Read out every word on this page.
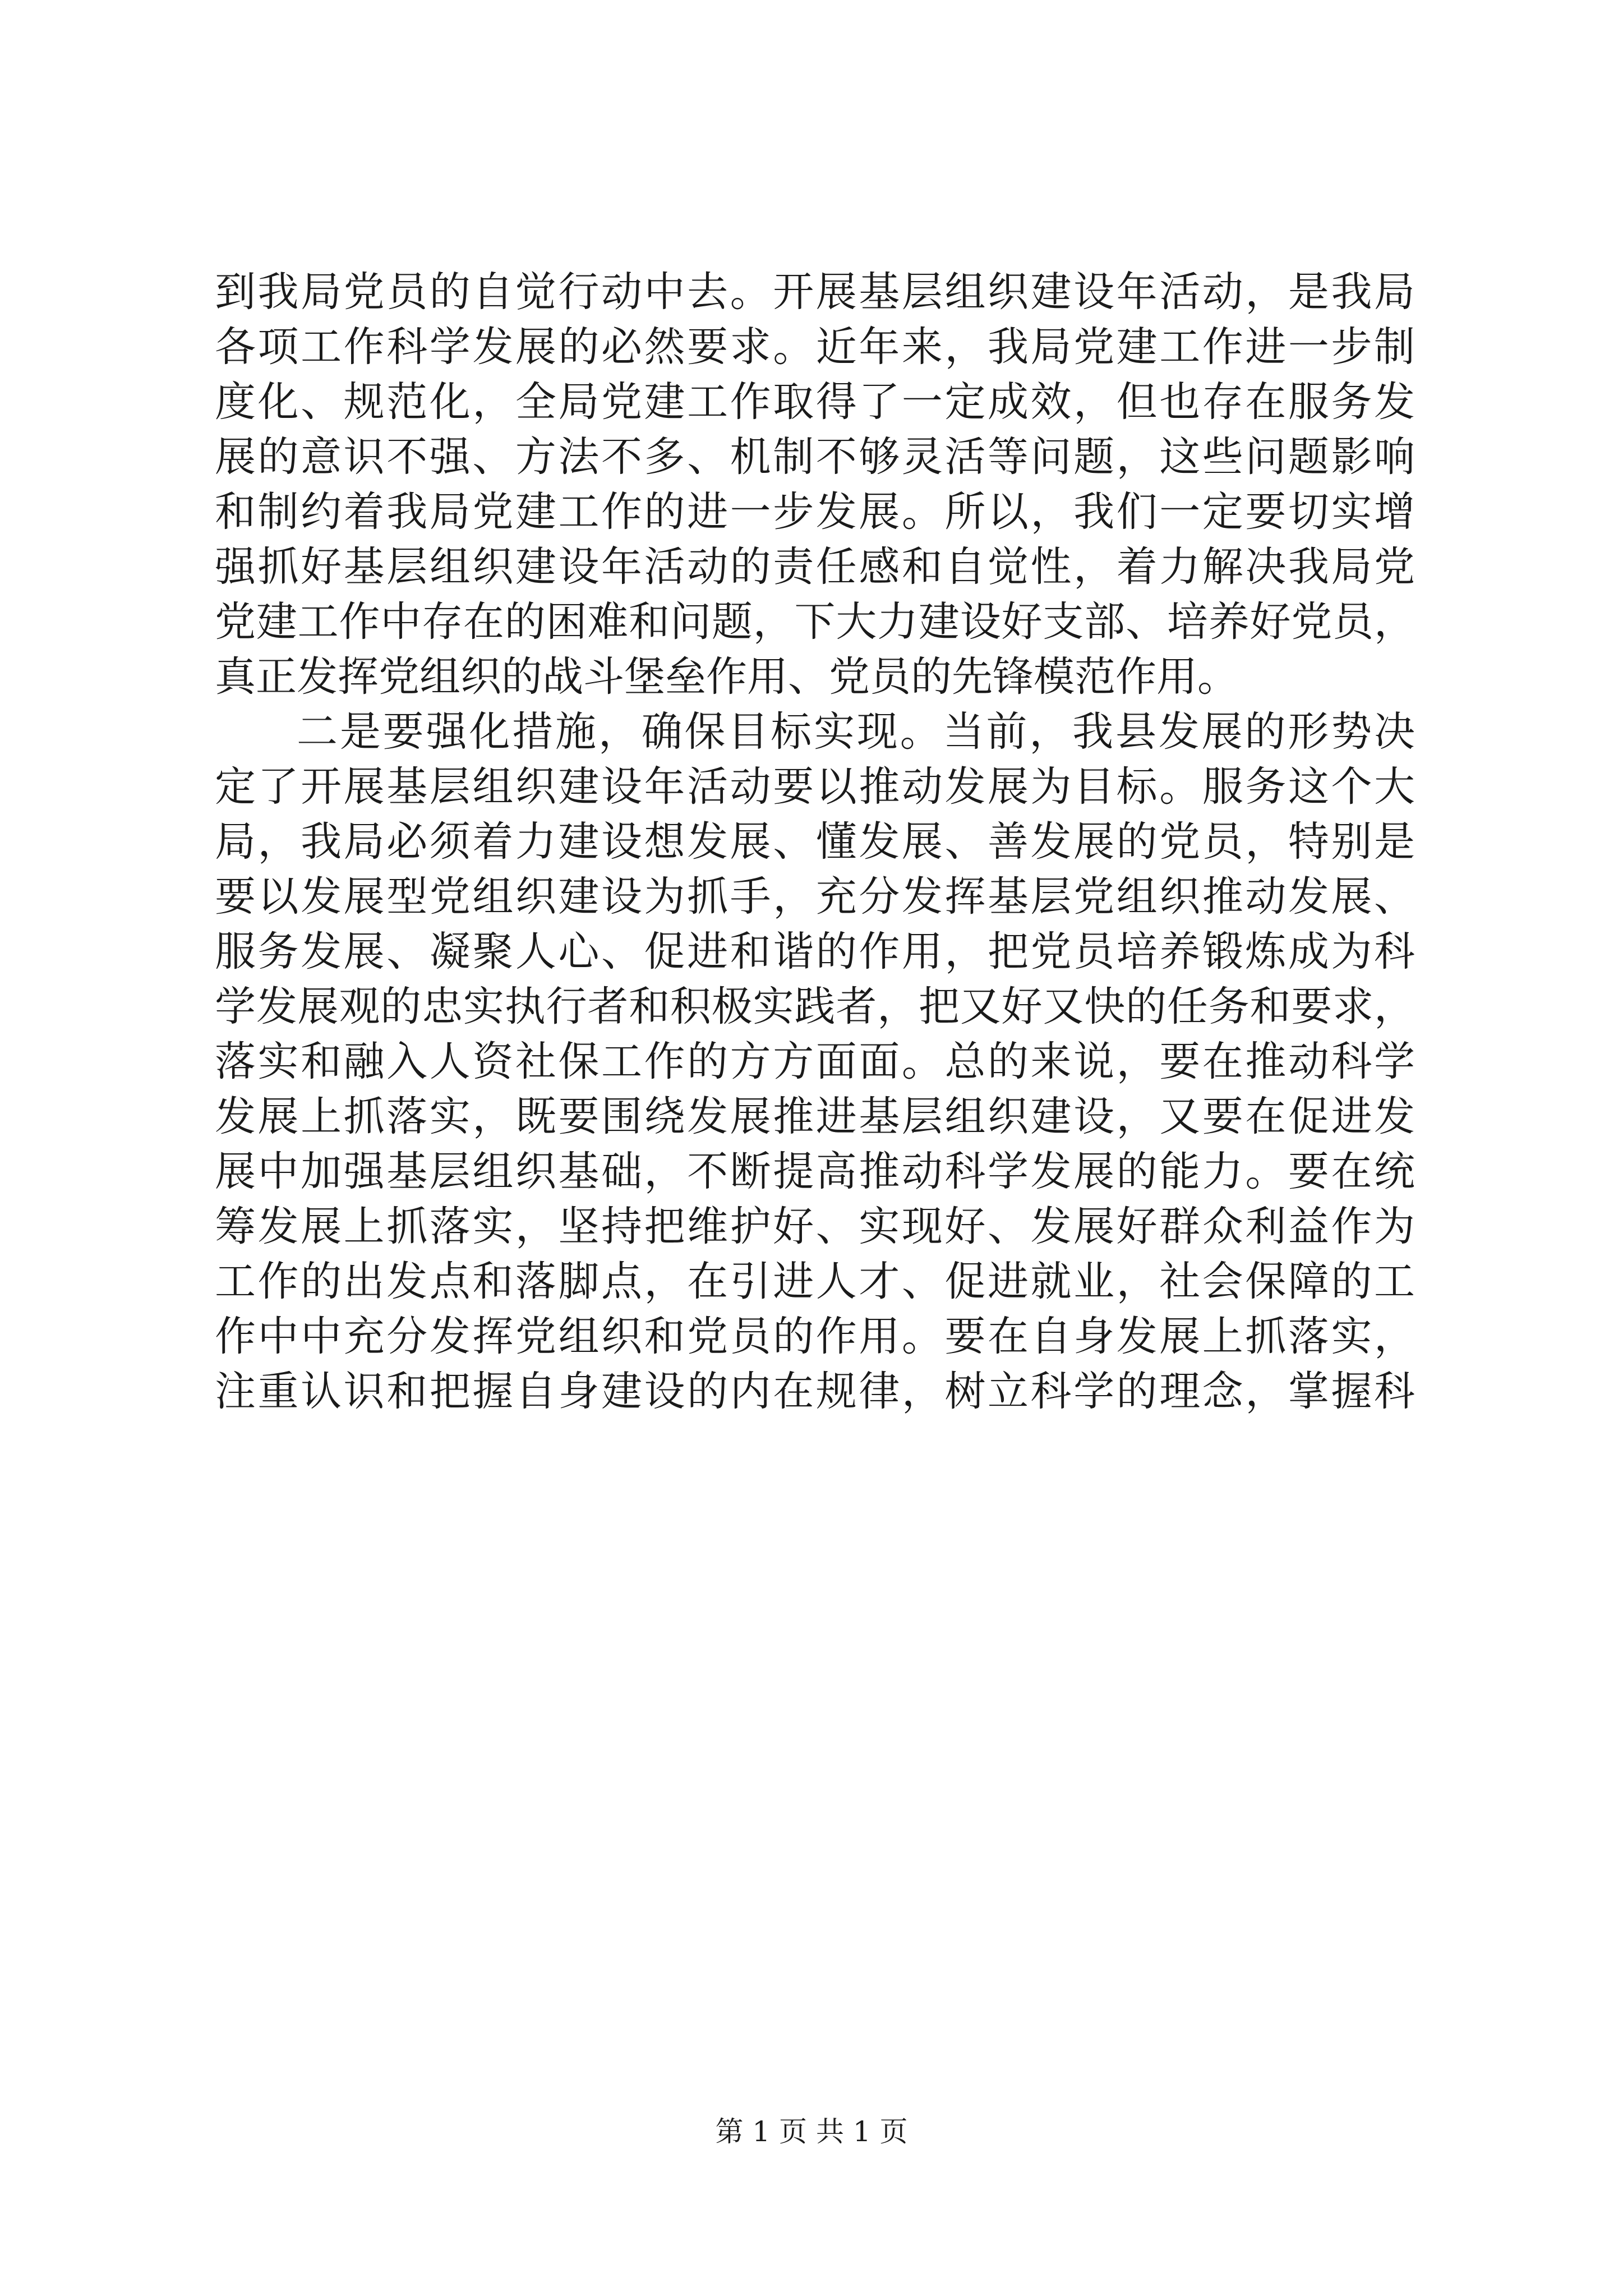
到我局党员的自觉行动中去。开展基层组织建设年活动，是我局
各项工作科学发展的必然要求。近年来，我局党建工作进一步制
度化、规范化，全局党建工作取得了一定成效，但也存在服务发
展的意识不强、方法不多、机制不够灵活等问题，这些问题影响
和制约着我局党建工作的进一步发展。所以，我们一定要切实增
强抓好基层组织建设年活动的责任感和自觉性，着力解决我局党
党建工作中存在的困难和问题，下大力建设好支部、培养好党员，
真正发挥党组织的战斗堡垒作用、党员的先锋模范作用。
二是要强化措施，确保目标实现。当前，我县发展的形势决
定了开展基层组织建设年活动要以推动发展为目标。服务这个大
局，我局必须着力建设想发展、懂发展、善发展的党员，特别是
要以发展型党组织建设为抓手，充分发挥基层党组织推动发展、
服务发展、凝聚人心、促进和谐的作用，把党员培养锻炼成为科
学发展观的忠实执行者和积极实践者，把又好又快的任务和要求，
落实和融入人资社保工作的方方面面。总的来说，要在推动科学
发展上抓落实，既要围绕发展推进基层组织建设，又要在促进发
展中加强基层组织基础，不断提高推动科学发展的能力。要在统
筹发展上抓落实，坚持把维护好、实现好、发展好群众利益作为
工作的出发点和落脚点，在引进人才、促进就业，社会保障的工
作中中充分发挥党组织和党员的作用。要在自身发展上抓落实，
注重认识和把握自身建设的内在规律，树立科学的理念，掌握科
第 1 页 共 1 页
